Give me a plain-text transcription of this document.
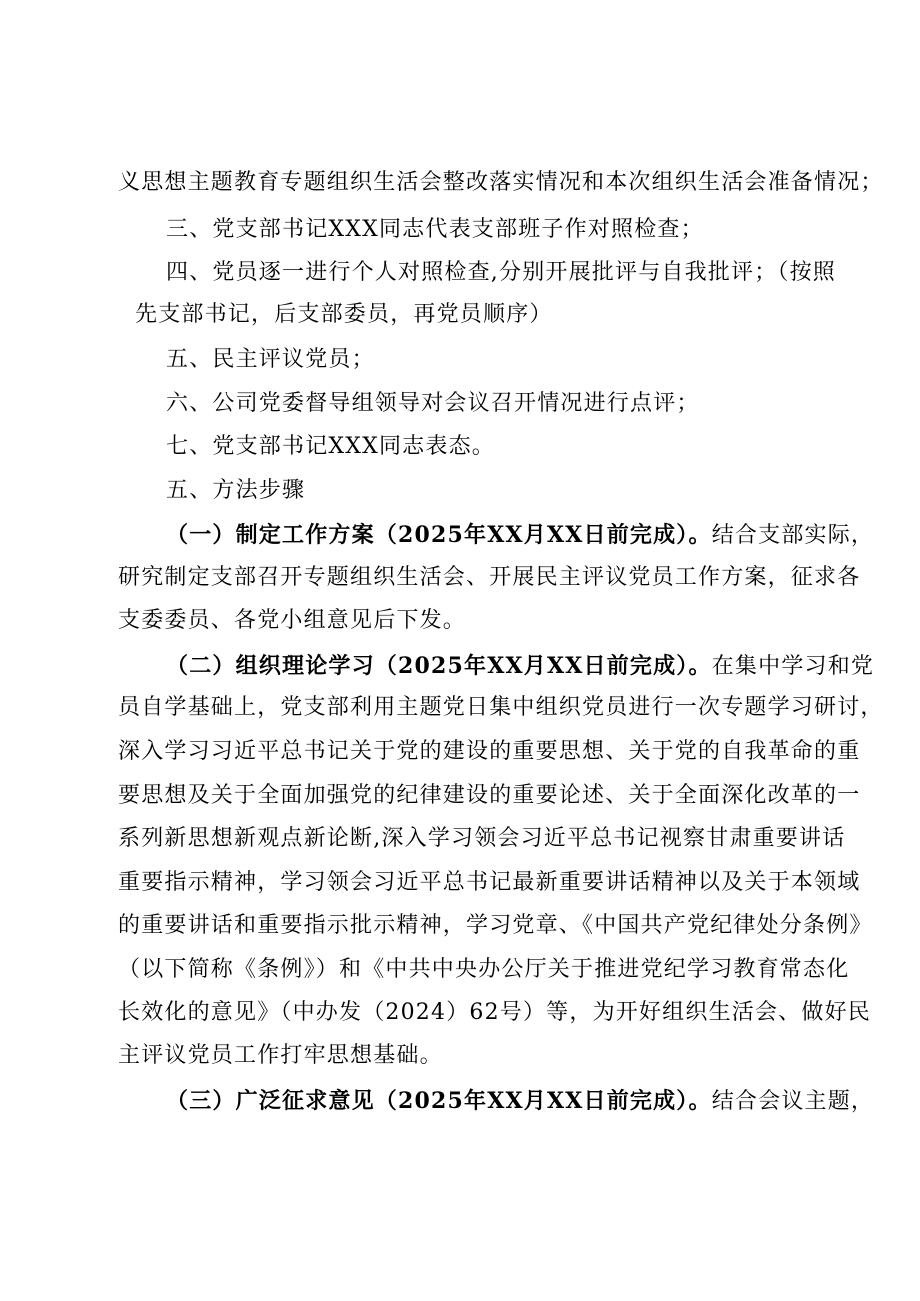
义思想主题教育专题组织生活会整改落实情况和本次组织生活会准备情况；
三、党支部书记XXX同志代表支部班子作对照检查；
四、党员逐一进行个人对照检查,分别开展批评与自我批评；（按照
先支部书记，后支部委员，再党员顺序）
五、民主评议党员；
六、公司党委督导组领导对会议召开情况进行点评；
七、党支部书记XXX同志表态。
五、方法步骤
（一）制定工作方案（2025年XX月XX日前完成）。结合支部实际，
研究制定支部召开专题组织生活会、开展民主评议党员工作方案，征求各
支委委员、各党小组意见后下发。
（二）组织理论学习（2025年XX月XX日前完成）。在集中学习和党
员自学基础上，党支部利用主题党日集中组织党员进行一次专题学习研讨，
深入学习习近平总书记关于党的建设的重要思想、关于党的自我革命的重
要思想及关于全面加强党的纪律建设的重要论述、关于全面深化改革的一
系列新思想新观点新论断,深入学习领会习近平总书记视察甘肃重要讲话
重要指示精神，学习领会习近平总书记最新重要讲话精神以及关于本领域
的重要讲话和重要指示批示精神，学习党章、《中国共产党纪律处分条例》
（以下简称《条例》）和《中共中央办公厅关于推进党纪学习教育常态化
长效化的意见》（中办发（2024）62号）等，为开好组织生活会、做好民
主评议党员工作打牢思想基础。
（三）广泛征求意见（2025年XX月XX日前完成）。结合会议主题，
